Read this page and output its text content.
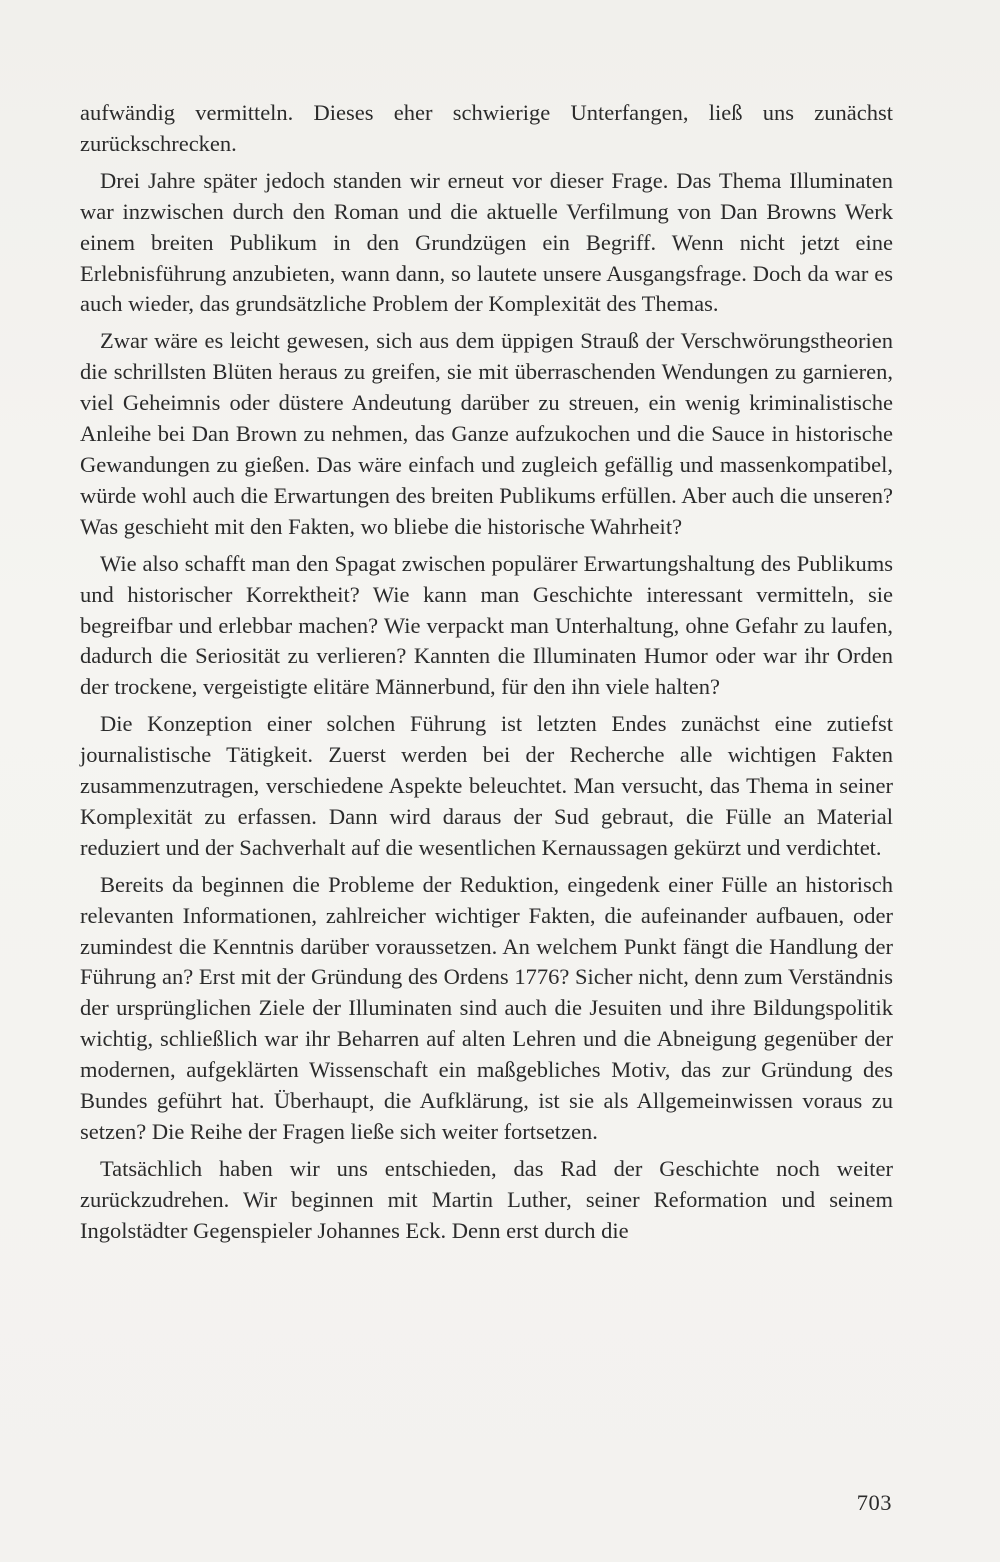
aufwändig vermitteln. Dieses eher schwierige Unterfangen, ließ uns zunächst zurückschrecken.

Drei Jahre später jedoch standen wir erneut vor dieser Frage. Das Thema Illuminaten war inzwischen durch den Roman und die aktuelle Verfilmung von Dan Browns Werk einem breiten Publikum in den Grundzügen ein Begriff. Wenn nicht jetzt eine Erlebnisführung anzubieten, wann dann, so lautete unsere Ausgangsfrage. Doch da war es auch wieder, das grundsätzliche Problem der Komplexität des Themas.

Zwar wäre es leicht gewesen, sich aus dem üppigen Strauß der Verschwörungstheorien die schrillsten Blüten heraus zu greifen, sie mit überraschenden Wendungen zu garnieren, viel Geheimnis oder düstere Andeutung darüber zu streuen, ein wenig kriminalistische Anleihe bei Dan Brown zu nehmen, das Ganze aufzukochen und die Sauce in historische Gewandungen zu gießen. Das wäre einfach und zugleich gefällig und massenkompatibel, würde wohl auch die Erwartungen des breiten Publikums erfüllen. Aber auch die unseren? Was geschieht mit den Fakten, wo bliebe die historische Wahrheit?

Wie also schafft man den Spagat zwischen populärer Erwartungshaltung des Publikums und historischer Korrektheit? Wie kann man Geschichte interessant vermitteln, sie begreifbar und erlebbar machen? Wie verpackt man Unterhaltung, ohne Gefahr zu laufen, dadurch die Seriosität zu verlieren? Kannten die Illuminaten Humor oder war ihr Orden der trockene, vergeistigte elitäre Männerbund, für den ihn viele halten?

Die Konzeption einer solchen Führung ist letzten Endes zunächst eine zutiefst journalistische Tätigkeit. Zuerst werden bei der Recherche alle wichtigen Fakten zusammenzutragen, verschiedene Aspekte beleuchtet. Man versucht, das Thema in seiner Komplexität zu erfassen. Dann wird daraus der Sud gebraut, die Fülle an Material reduziert und der Sachverhalt auf die wesentlichen Kernaussagen gekürzt und verdichtet.

Bereits da beginnen die Probleme der Reduktion, eingedenk einer Fülle an historisch relevanten Informationen, zahlreicher wichtiger Fakten, die aufeinander aufbauen, oder zumindest die Kenntnis darüber voraussetzen. An welchem Punkt fängt die Handlung der Führung an? Erst mit der Gründung des Ordens 1776? Sicher nicht, denn zum Verständnis der ursprünglichen Ziele der Illuminaten sind auch die Jesuiten und ihre Bildungspolitik wichtig, schließlich war ihr Beharren auf alten Lehren und die Abneigung gegenüber der modernen, aufgeklärten Wissenschaft ein maßgebliches Motiv, das zur Gründung des Bundes geführt hat. Überhaupt, die Aufklärung, ist sie als Allgemeinwissen voraus zu setzen? Die Reihe der Fragen ließe sich weiter fortsetzen.

Tatsächlich haben wir uns entschieden, das Rad der Geschichte noch weiter zurückzudrehen. Wir beginnen mit Martin Luther, seiner Reformation und seinem Ingolstädter Gegenspieler Johannes Eck. Denn erst durch die

703
